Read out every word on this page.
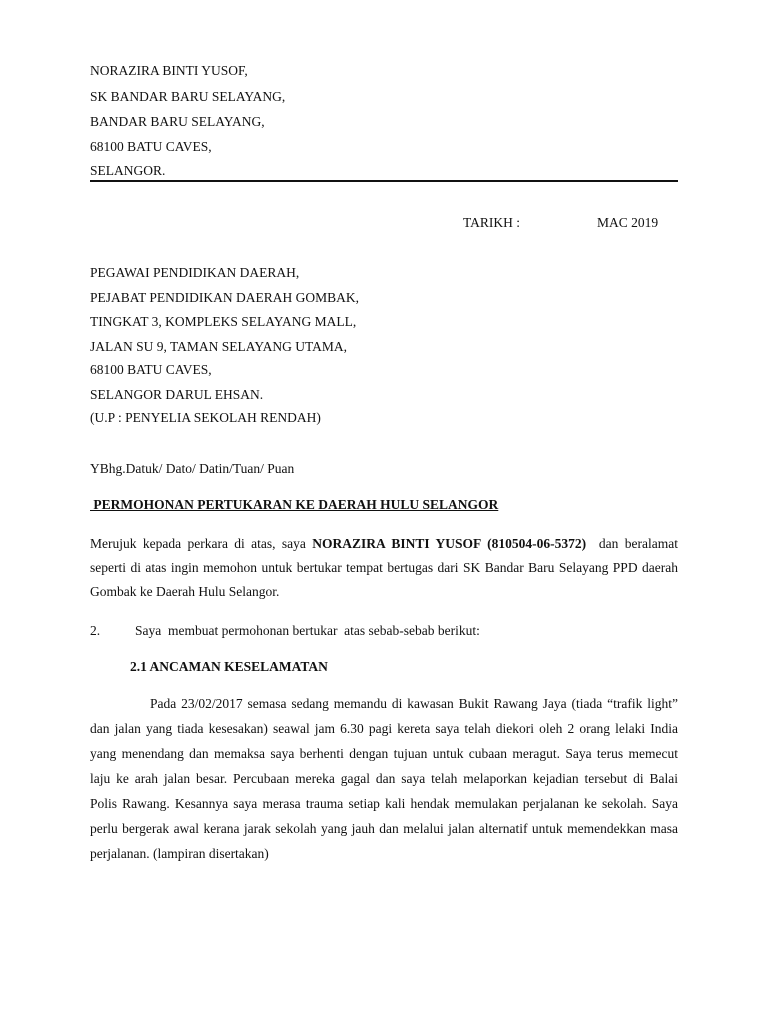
NORAZIRA BINTI YUSOF,
SK BANDAR BARU SELAYANG,
BANDAR BARU SELAYANG,
68100 BATU CAVES,
SELANGOR.
TARIKH :	MAC 2019
PEGAWAI PENDIDIKAN DAERAH,
PEJABAT PENDIDIKAN DAERAH GOMBAK,
TINGKAT 3, KOMPLEKS SELAYANG MALL,
JALAN SU 9, TAMAN SELAYANG UTAMA,
68100 BATU CAVES,
SELANGOR DARUL EHSAN.
(U.P : PENYELIA SEKOLAH RENDAH)
YBhg.Datuk/ Dato/ Datin/Tuan/ Puan
PERMOHONAN PERTUKARAN KE DAERAH HULU SELANGOR
Merujuk kepada perkara di atas, saya NORAZIRA BINTI YUSOF (810504-06-5372)  dan beralamat
seperti di atas ingin memohon untuk bertukar tempat bertugas dari SK Bandar Baru Selayang PPD daerah
Gombak ke Daerah Hulu Selangor.
2.	Saya  membuat permohonan bertukar  atas sebab-sebab berikut:
2.1 ANCAMAN KESELAMATAN
Pada 23/02/2017 semasa sedang memandu di kawasan Bukit Rawang Jaya (tiada “trafik light”
dan jalan yang tiada kesesakan) seawal jam 6.30 pagi kereta saya telah diekori oleh 2 orang lelaki India
yang menendang dan memaksa saya berhenti dengan tujuan untuk cubaan meragut. Saya terus memecut
laju ke arah jalan besar. Percubaan mereka gagal dan saya telah melaporkan kejadian tersebut di Balai
Polis Rawang. Kesannya saya merasa trauma setiap kali hendak memulakan perjalanan ke sekolah. Saya
perlu bergerak awal kerana jarak sekolah yang jauh dan melalui jalan alternatif untuk memendekkan masa
perjalanan. (lampiran disertakan)
